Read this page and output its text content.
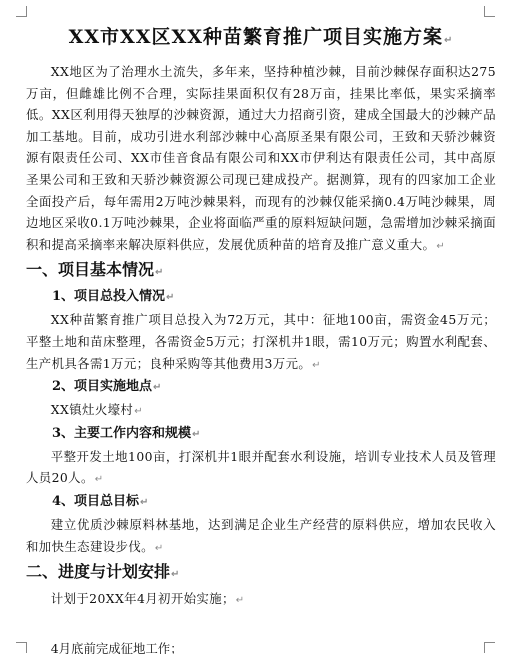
XX市XX区XX种苗繁育推广项目实施方案↵

XX地区为了治理水土流失，多年来，坚持种植沙棘，目前沙棘保存面积达275万亩，但雌雄比例不合理，实际挂果面积仅有28万亩，挂果比率低，果实采摘率低。XX区利用得天独厚的沙棘资源，通过大力招商引资，建成全国最大的沙棘产品加工基地。目前，成功引进水利部沙棘中心高原圣果有限公司，王致和天骄沙棘资源有限责任公司、XX市佳音食品有限公司和XX市伊利达有限责任公司，其中高原圣果公司和王致和天骄沙棘资源公司现已建成投产。据测算，现有的四家加工企业全面投产后，每年需用2万吨沙棘果料，而现有的沙棘仅能采摘0.4万吨沙棘果，周边地区采收0.1万吨沙棘果，企业将面临严重的原料短缺问题，急需增加沙棘采摘面积和提高采摘率来解决原料供应，发展优质种苗的培育及推广意义重大。↵

一、项目基本情况↵
1、项目总投入情况↵

XX种苗繁育推广项目总投入为72万元，其中：征地100亩，需资金45万元；平整土地和苗床整理，各需资金5万元；打深机井1眼，需10万元；购置水利配套、生产机具各需1万元；良种采购等其他费用3万元。↵

2、项目实施地点↵

XX镇灶火壕村↵

3、主要工作内容和规模↵

平整开发土地100亩，打深机井1眼并配套水利设施，培训专业技术人员及管理人员20人。↵

4、项目总目标↵

建立优质沙棘原料林基地，达到满足企业生产经营的原料供应，增加农民收入和加快生态建设步伐。↵

二、进度与计划安排↵

计划于20XX年4月初开始实施；↵

4月底前完成征地工作；
